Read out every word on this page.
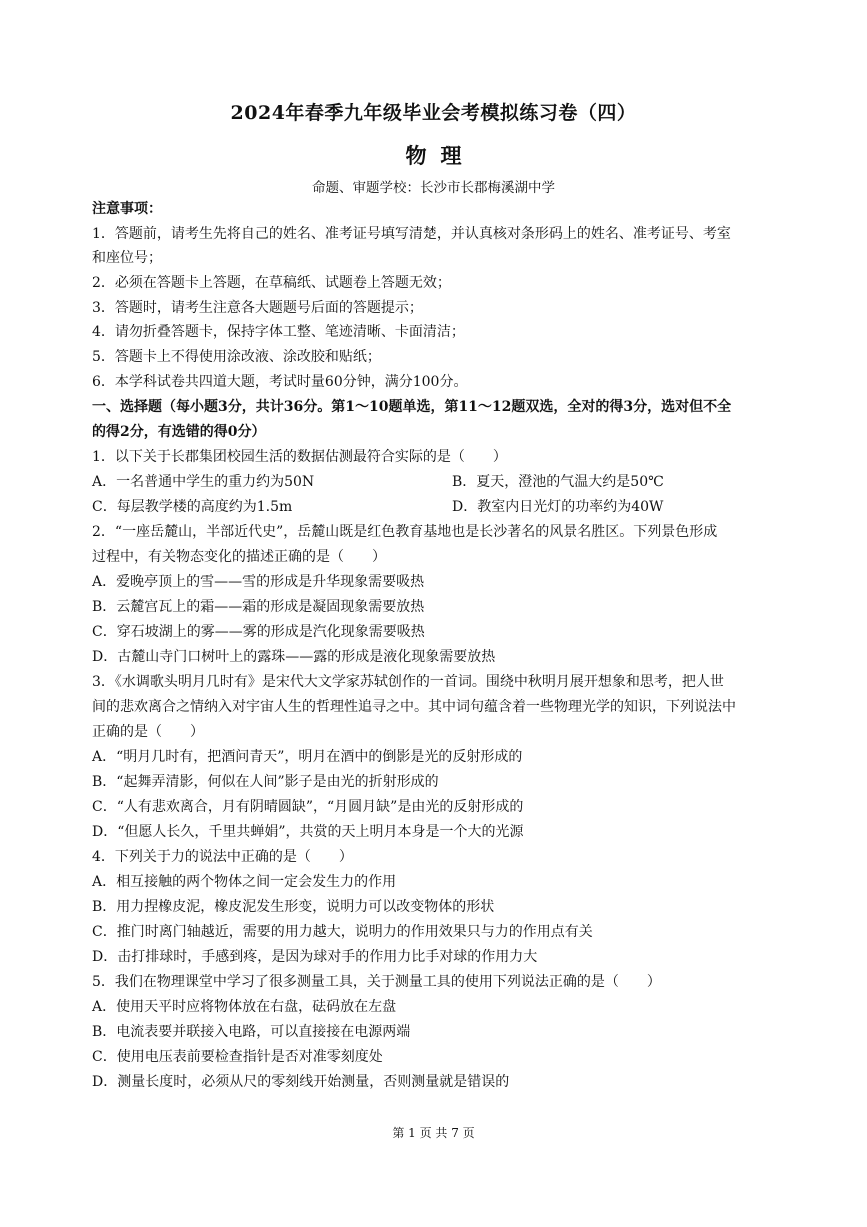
2024年春季九年级毕业会考模拟练习卷（四）
物理
命题、审题学校：长沙市长郡梅溪湖中学
注意事项：
1．答题前，请考生先将自己的姓名、准考证号填写清楚，并认真核对条形码上的姓名、准考证号、考室
和座位号；
2．必须在答题卡上答题，在草稿纸、试题卷上答题无效；
3．答题时，请考生注意各大题题号后面的答题提示；
4．请勿折叠答题卡，保持字体工整、笔迹清晰、卡面清洁；
5．答题卡上不得使用涂改液、涂改胶和贴纸；
6．本学科试卷共四道大题，考试时量60分钟，满分100分。
一、选择题（每小题3分，共计36分。第1～10题单选，第11～12题双选，全对的得3分，选对但不全
的得2分，有选错的得0分）
1．以下关于长郡集团校园生活的数据估测最符合实际的是（　　）
A．一名普通中学生的重力约为50N	B．夏天，澄池的气温大约是50℃
C．每层教学楼的高度约为1.5m	D．教室内日光灯的功率约为40W
2．“一座岳麓山，半部近代史”，岳麓山既是红色教育基地也是长沙著名的风景名胜区。下列景色形成
过程中，有关物态变化的描述正确的是（　　）
A．爱晚亭顶上的雪——雪的形成是升华现象需要吸热
B．云麓宫瓦上的霜——霜的形成是凝固现象需要放热
C．穿石坡湖上的雾——雾的形成是汽化现象需要吸热
D．古麓山寺门口树叶上的露珠——露的形成是液化现象需要放热
3．《水调歌头明月几时有》是宋代大文学家苏轼创作的一首词。围绕中秋明月展开想象和思考，把人世
间的悲欢离合之情纳入对宇宙人生的哲理性追寻之中。其中词句蕴含着一些物理光学的知识，下列说法中
正确的是（　　）
A．“明月几时有，把酒问青天”，明月在酒中的倒影是光的反射形成的
B．“起舞弄清影，何似在人间”影子是由光的折射形成的
C．“人有悲欢离合，月有阴晴圆缺”，“月圆月缺”是由光的反射形成的
D．“但愿人长久，千里共蝉娟”，共赏的天上明月本身是一个大的光源
4．下列关于力的说法中正确的是（　　）
A．相互接触的两个物体之间一定会发生力的作用
B．用力捏橡皮泥，橡皮泥发生形变，说明力可以改变物体的形状
C．推门时离门轴越近，需要的用力越大，说明力的作用效果只与力的作用点有关
D．击打排球时，手感到疼，是因为球对手的作用力比手对球的作用力大
5．我们在物理课堂中学习了很多测量工具，关于测量工具的使用下列说法正确的是（　　）
A．使用天平时应将物体放在右盘，砝码放在左盘
B．电流表要并联接入电路，可以直接接在电源两端
C．使用电压表前要检查指针是否对准零刻度处
D．测量长度时，必须从尺的零刻线开始测量，否则测量就是错误的
第 1 页 共 7 页
